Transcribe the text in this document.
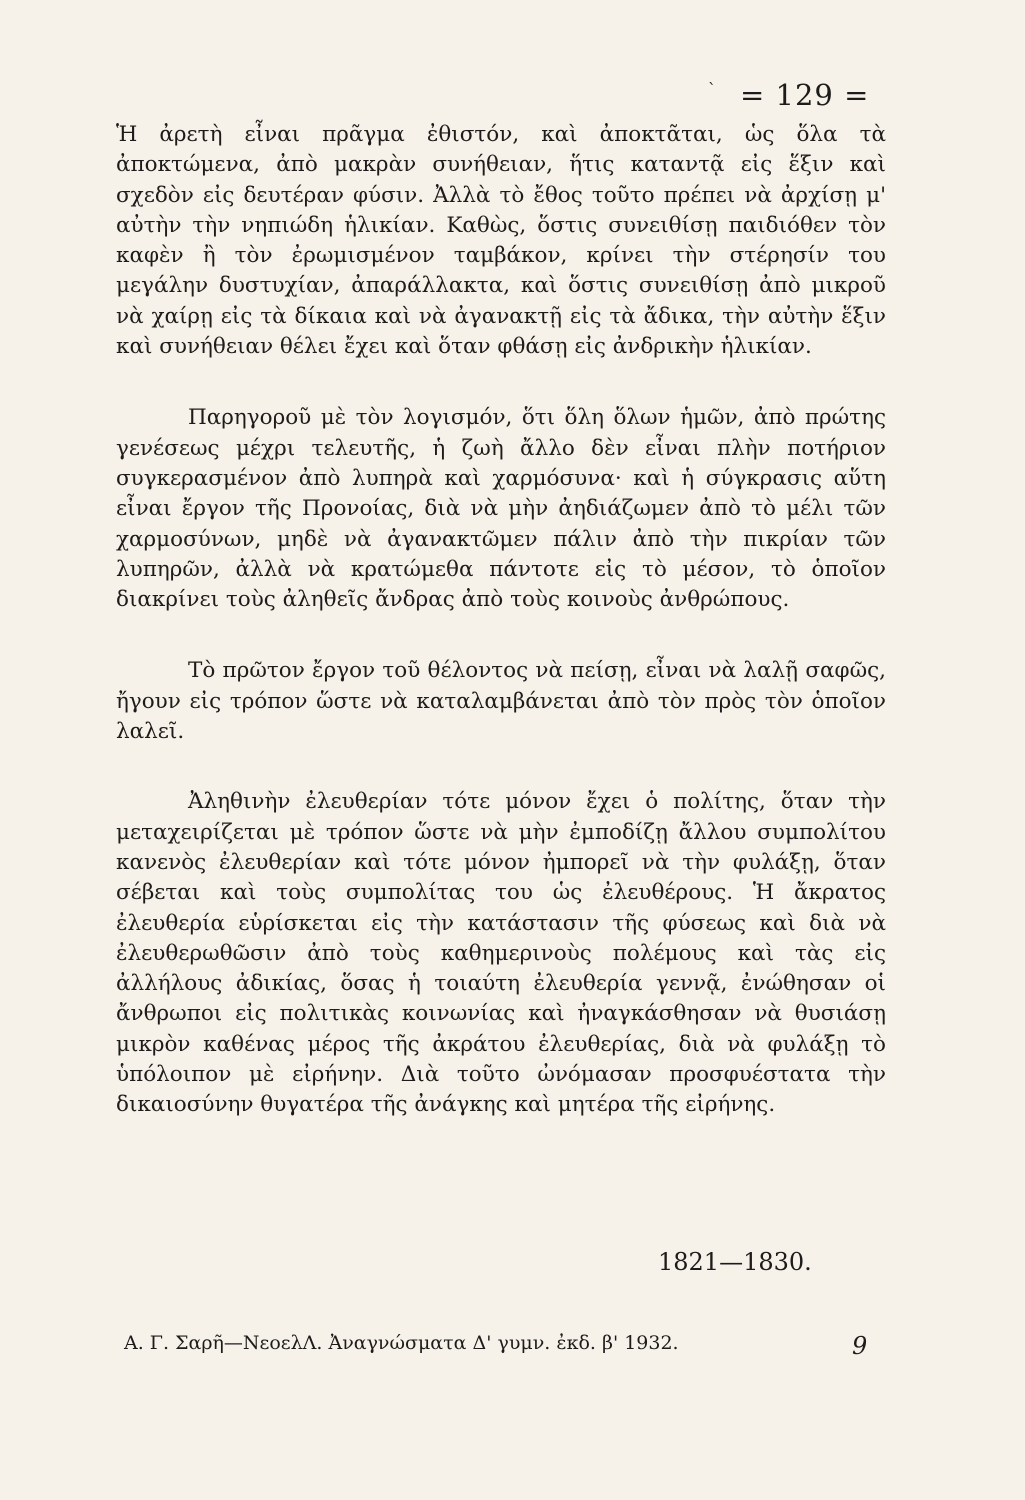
` = 129 =

Ἡ ἀρετὴ εἶναι πρᾶγμα ἐθιστόν, καὶ ἀποκτᾶται, ὡς ὅλα τὰ ἀποκτώμενα, ἀπὸ μακρὰν συνήθειαν, ἥτις καταντᾷ εἰς ἕξιν καὶ σχεδὸν εἰς δευτέραν φύσιν. Ἀλλὰ τὸ ἔθος τοῦτο πρέπει νὰ ἀρχίσῃ μ' αὐτὴν τὴν νηπιώδη ἡλικίαν. Καθὼς, ὅστις συνειθίσῃ παιδιόθεν τὸν καφὲν ἢ τὸν ἐρωμισμένον ταμβάκον, κρίνει τὴν στέρησίν του μεγάλην δυστυχίαν, ἀπαράλλακτα, καὶ ὅστις συνειθίσῃ ἀπὸ μικροῦ νὰ χαίρῃ εἰς τὰ δίκαια καὶ νὰ ἀγανακτῇ εἰς τὰ ἄδικα, τὴν αὐτὴν ἕξιν καὶ συνήθειαν θέλει ἔχει καὶ ὅταν φθάσῃ εἰς ἀνδρικὴν ἡλικίαν.

Παρηγοροῦ μὲ τὸν λογισμόν, ὅτι ὅλη ὅλων ἡμῶν, ἀπὸ πρώτης γενέσεως μέχρι τελευτῆς, ἡ ζωὴ ἄλλο δὲν εἶναι πλὴν ποτήριον συγκερασμένον ἀπὸ λυπηρὰ καὶ χαρμόσυνα· καὶ ἡ σύγκρασις αὕτη εἶναι ἔργον τῆς Προνοίας, διὰ νὰ μὴν ἀηδιάζωμεν ἀπὸ τὸ μέλι τῶν χαρμοσύνων, μηδὲ νὰ ἀγανακτῶμεν πάλιν ἀπὸ τὴν πικρίαν τῶν λυπηρῶν, ἀλλὰ νὰ κρατώμεθα πάντοτε εἰς τὸ μέσον, τὸ ὁποῖον διακρίνει τοὺς ἀληθεῖς ἄνδρας ἀπὸ τοὺς κοινοὺς ἀνθρώπους.

Τὸ πρῶτον ἔργον τοῦ θέλοντος νὰ πείσῃ, εἶναι νὰ λαλῇ σαφῶς, ἤγουν εἰς τρόπον ὥστε νὰ καταλαμβάνεται ἀπὸ τὸν πρὸς τὸν ὁποῖον λαλεῖ.

Ἀληθινὴν ἐλευθερίαν τότε μόνον ἔχει ὁ πολίτης, ὅταν τὴν μεταχειρίζεται μὲ τρόπον ὥστε νὰ μὴν ἐμποδίζῃ ἄλλου συμπολίτου κανενὸς ἐλευθερίαν καὶ τότε μόνον ἠμπορεῖ νὰ τὴν φυλάξῃ, ὅταν σέβεται καὶ τοὺς συμπολίτας του ὡς ἐλευθέρους. Ἡ ἄκρατος ἐλευθερία εὑρίσκεται εἰς τὴν κατάστασιν τῆς φύσεως καὶ διὰ νὰ ἐλευθερωθῶσιν ἀπὸ τοὺς καθημερινοὺς πολέμους καὶ τὰς εἰς ἀλλήλους ἀδικίας, ὅσας ἡ τοιαύτη ἐλευθερία γεννᾷ, ἐνώθησαν οἱ ἄνθρωποι εἰς πολιτικὰς κοινωνίας καὶ ἠναγκάσθησαν νὰ θυσιάσῃ μικρὸν καθένας μέρος τῆς ἀκράτου ἐλευθερίας, διὰ νὰ φυλάξῃ τὸ ὑπόλοιπον μὲ εἰρήνην. Διὰ τοῦτο ὠνόμασαν προσφυέστατα τὴν δικαιοσύνην θυγατέρα τῆς ἀνάγκης καὶ μητέρα τῆς εἰρήνης.

1821—1830.
Α. Γ. Σαρῆ—ΝεοελΛ. Ἀναγνώσματα Δ' γυμν. ἐκδ. β' 1932.	9
